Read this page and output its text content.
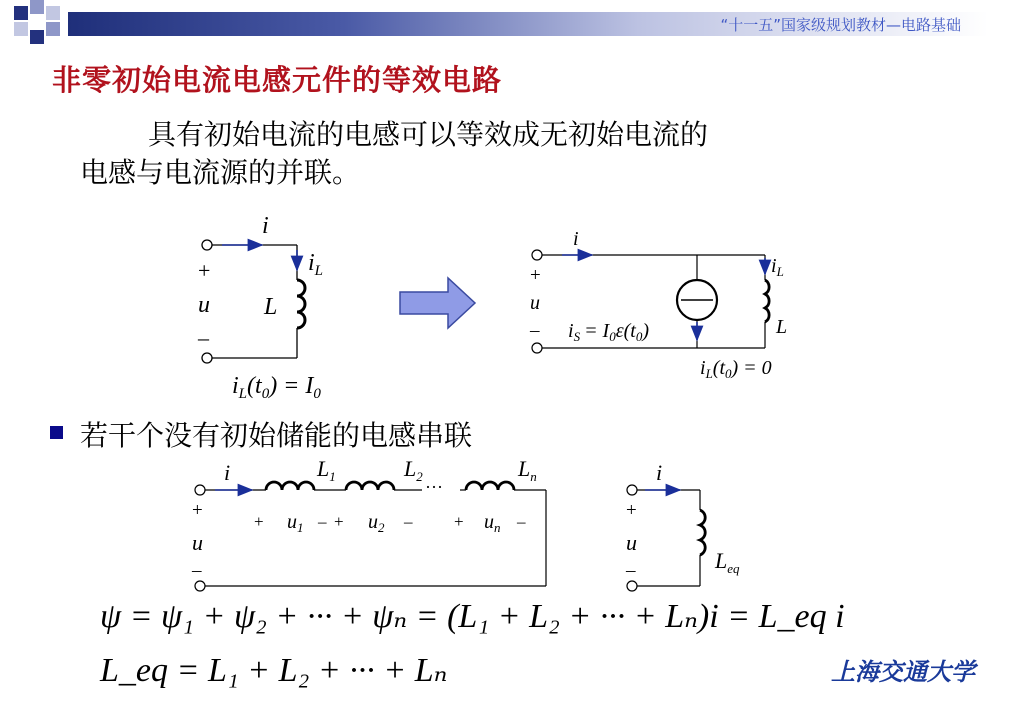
“十一五”国家级规划教材—电路基础
非零初始电流电感元件的等效电路
具有初始电流的电感可以等效成无初始电流的
电感与电流源的并联。
若干个没有初始储能的电感串联
i
$i_L$
+
u
–
L
$i_L(t_0) = I_0$
i
$i_L$
+
u
–	L
$i_S = I_0\varepsilon(t_0)$
$i_L(t_0) = 0$
i	$L_1$	$L_2$
···
$L_n$
+
u
–
+ $u_1$ – + $u_2$ – + $u_n$ –
i
+
u
–	$L_{eq}$
ψ = ψ₁ + ψ₂ + ··· + ψₙ = (L₁ + L₂ + ··· + Lₙ)i = L_eq i
L_eq = L₁ + L₂ + ··· + Lₙ	上海交通大学
